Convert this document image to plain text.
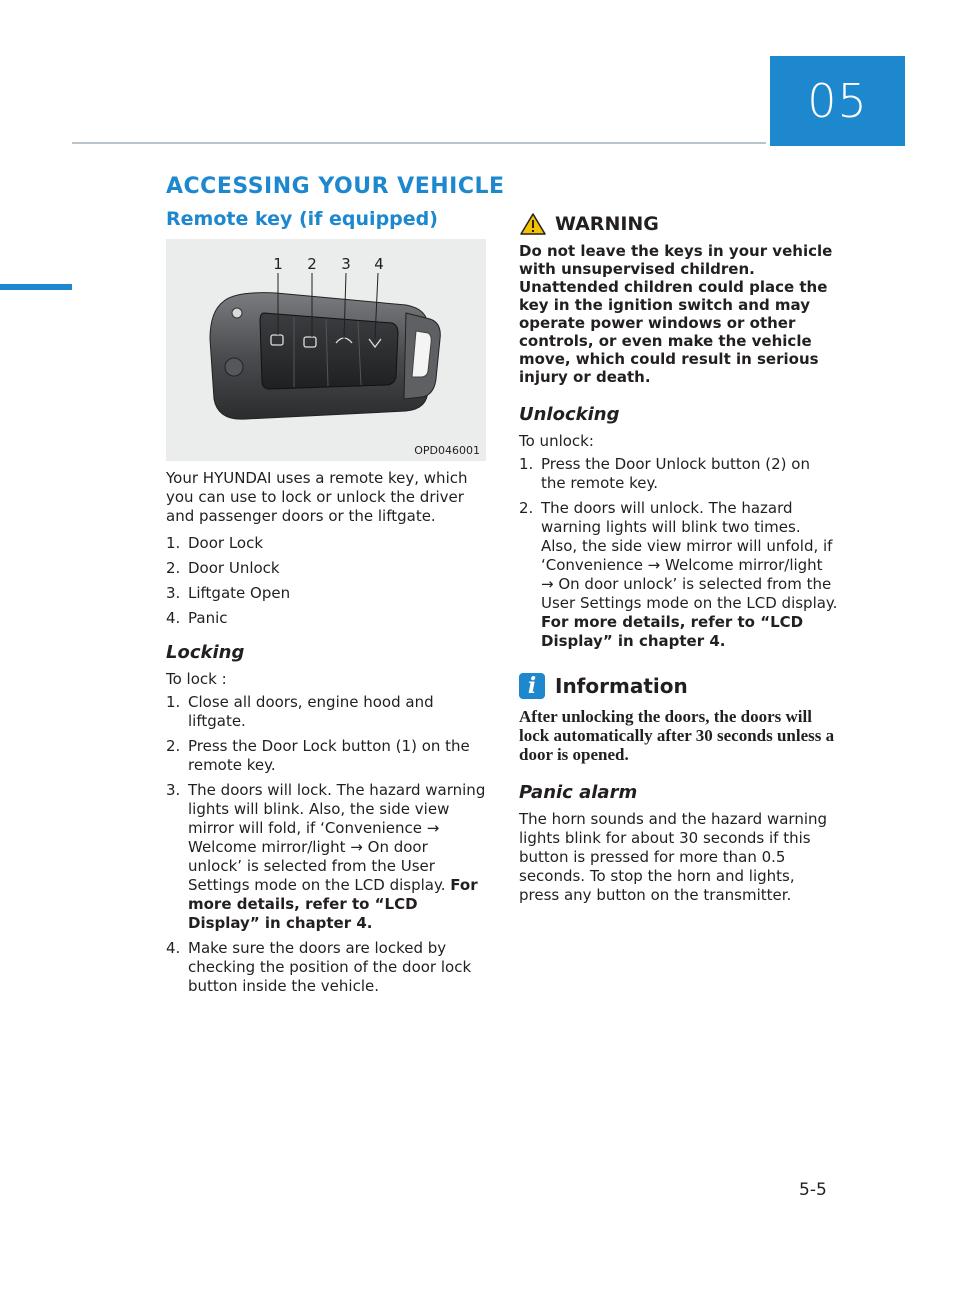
05
ACCESSING YOUR VEHICLE
Remote key (if equipped)
1 2 3 4
OPD046001

Your HYUNDAI uses a remote key, which you can use to lock or unlock the driver and passenger doors or the liftgate.

1. Door Lock
2. Door Unlock
3. Liftgate Open
4. Panic

Locking

To lock :

1. Close all doors, engine hood and liftgate.
2. Press the Door Lock button (1) on the remote key.
3. The doors will lock. The hazard warning lights will blink. Also, the side view mirror will fold, if ‘Convenience → Welcome mirror/light → On door unlock’ is selected from the User Settings mode on the LCD display. For more details, refer to “LCD Display” in chapter 4.
4. Make sure the doors are locked by checking the position of the door lock button inside the vehicle.
WARNING

Do not leave the keys in your vehicle with unsupervised children. Unattended children could place the key in the ignition switch and may operate power windows or other controls, or even make the vehicle move, which could result in serious injury or death.

Unlocking

To unlock:

1. Press the Door Unlock button (2) on the remote key.
2. The doors will unlock. The hazard warning lights will blink two times. Also, the side view mirror will unfold, if ‘Convenience → Welcome mirror/light → On door unlock’ is selected from the User Settings mode on the LCD display. For more details, refer to “LCD Display” in chapter 4.
i Information

After unlocking the doors, the doors will lock automatically after 30 seconds unless a door is opened.

Panic alarm

The horn sounds and the hazard warning lights blink for about 30 seconds if this button is pressed for more than 0.5 seconds. To stop the horn and lights, press any button on the transmitter.

5-5
